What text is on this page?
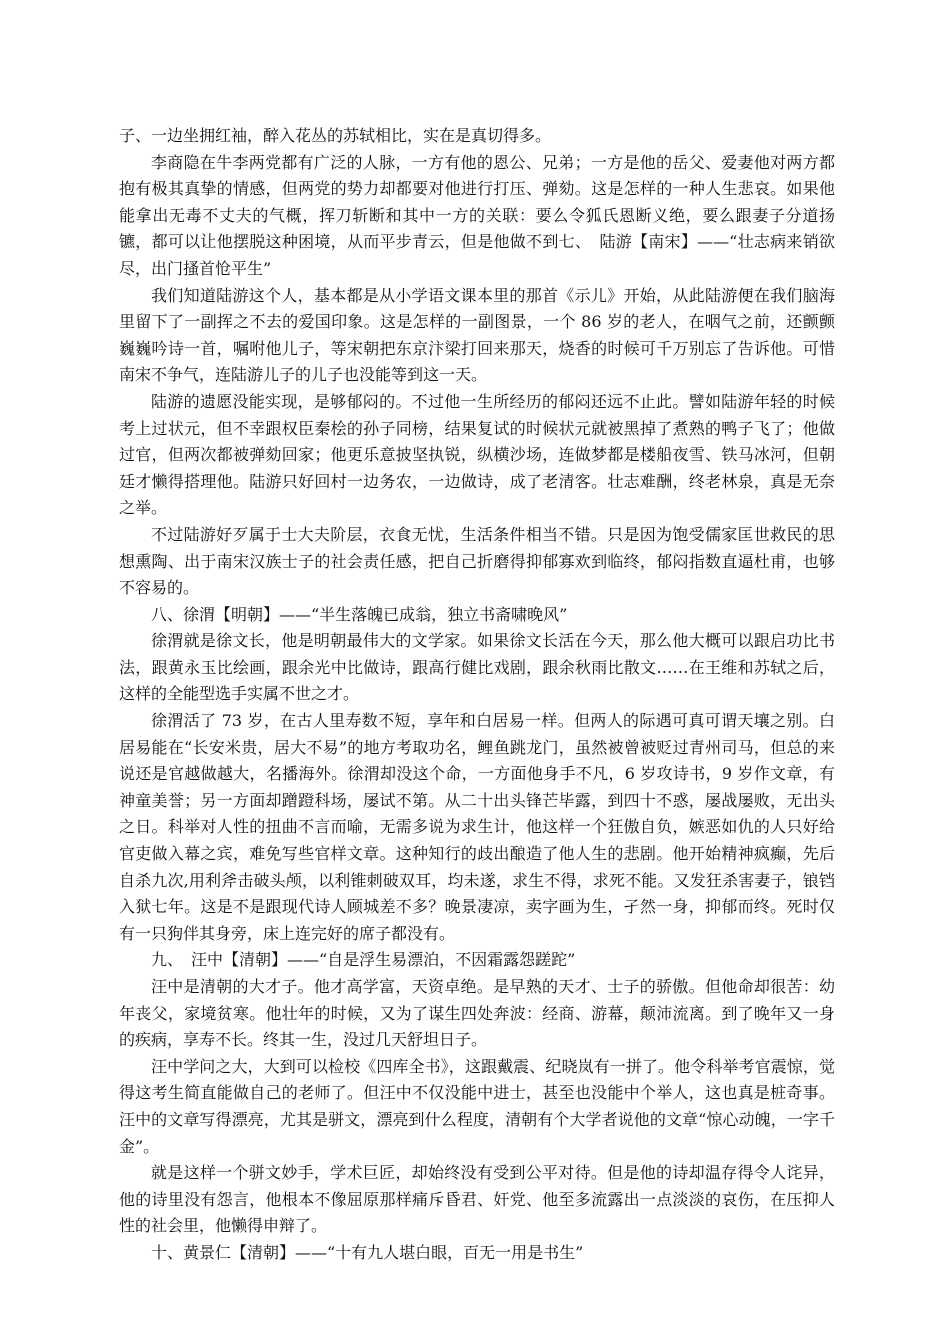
子、一边坐拥红袖，醉入花丛的苏轼相比，实在是真切得多。

李商隐在牛李两党都有广泛的人脉，一方有他的恩公、兄弟；一方是他的岳父、爱妻他对两方都抱有极其真挚的情感，但两党的势力却都要对他进行打压、弹劾。这是怎样的一种人生悲哀。如果他能拿出无毒不丈夫的气概，挥刀斩断和其中一方的关联：要么令狐氏恩断义绝，要么跟妻子分道扬镳，都可以让他摆脱这种困境，从而平步青云，但是他做不到七、　陆游【南宋】——“壮志病来销欲尽，出门搔首怆平生”

我们知道陆游这个人，基本都是从小学语文课本里的那首《示儿》开始，从此陆游便在我们脑海里留下了一副挥之不去的爱国印象。这是怎样的一副图景，一个 86 岁的老人，在咽气之前，还颤颤巍巍吟诗一首，嘱咐他儿子，等宋朝把东京汴梁打回来那天，烧香的时候可千万别忘了告诉他。可惜南宋不争气，连陆游儿子的儿子也没能等到这一天。

陆游的遗愿没能实现，是够郁闷的。不过他一生所经历的郁闷还远不止此。譬如陆游年轻的时候考上过状元，但不幸跟权臣秦桧的孙子同榜，结果复试的时候状元就被黑掉了煮熟的鸭子飞了；他做过官，但两次都被弹劾回家；他更乐意披坚执锐，纵横沙场，连做梦都是楼船夜雪、铁马冰河，但朝廷才懒得搭理他。陆游只好回村一边务农，一边做诗，成了老清客。壮志难酬，终老林泉，真是无奈之举。

不过陆游好歹属于士大夫阶层，衣食无忧，生活条件相当不错。只是因为饱受儒家匡世救民的思想熏陶、出于南宋汉族士子的社会责任感，把自己折磨得抑郁寡欢到临终，郁闷指数直逼杜甫，也够不容易的。

八、徐渭【明朝】——“半生落魄已成翁，独立书斋啸晚风”

徐渭就是徐文长，他是明朝最伟大的文学家。如果徐文长活在今天，那么他大概可以跟启功比书法，跟黄永玉比绘画，跟余光中比做诗，跟高行健比戏剧，跟余秋雨比散文……在王维和苏轼之后，这样的全能型选手实属不世之才。

徐渭活了 73 岁，在古人里寿数不短，享年和白居易一样。但两人的际遇可真可谓天壤之别。白居易能在“长安米贵，居大不易”的地方考取功名，鲤鱼跳龙门，虽然被曾被贬过青州司马，但总的来说还是官越做越大，名播海外。徐渭却没这个命，一方面他身手不凡，6 岁攻诗书，9 岁作文章，有神童美誉；另一方面却蹭蹬科场，屡试不第。从二十出头锋芒毕露，到四十不惑，屡战屡败，无出头之日。科举对人性的扭曲不言而喻，无需多说为求生计，他这样一个狂傲自负，嫉恶如仇的人只好给官吏做入幕之宾，难免写些官样文章。这种知行的歧出酿造了他人生的悲剧。他开始精神疯癫，先后自杀九次,用利斧击破头颅，以利锥刺破双耳，均未遂，求生不得，求死不能。又发狂杀害妻子，锒铛入狱七年。这是不是跟现代诗人顾城差不多？晚景凄凉，卖字画为生，孑然一身，抑郁而终。死时仅有一只狗伴其身旁，床上连完好的席子都没有。

九、　汪中【清朝】——“自是浮生易漂泊，不因霜露怨蹉跎”

汪中是清朝的大才子。他才高学富，天资卓绝。是早熟的天才、士子的骄傲。但他命却很苦：幼年丧父，家境贫寒。他壮年的时候，又为了谋生四处奔波：经商、游幕，颠沛流离。到了晚年又一身的疾病，享寿不长。终其一生，没过几天舒坦日子。

汪中学问之大，大到可以检校《四库全书》，这跟戴震、纪晓岚有一拼了。他令科举考官震惊，觉得这考生简直能做自己的老师了。但汪中不仅没能中进士，甚至也没能中个举人，这也真是桩奇事。汪中的文章写得漂亮，尤其是骈文，漂亮到什么程度，清朝有个大学者说他的文章“惊心动魄，一字千金”。

就是这样一个骈文妙手，学术巨匠，却始终没有受到公平对待。但是他的诗却温存得令人诧异，他的诗里没有怨言，他根本不像屈原那样痛斥昏君、奸党、他至多流露出一点淡淡的哀伤，在压抑人性的社会里，他懒得申辩了。

十、黄景仁【清朝】——“十有九人堪白眼，百无一用是书生”
